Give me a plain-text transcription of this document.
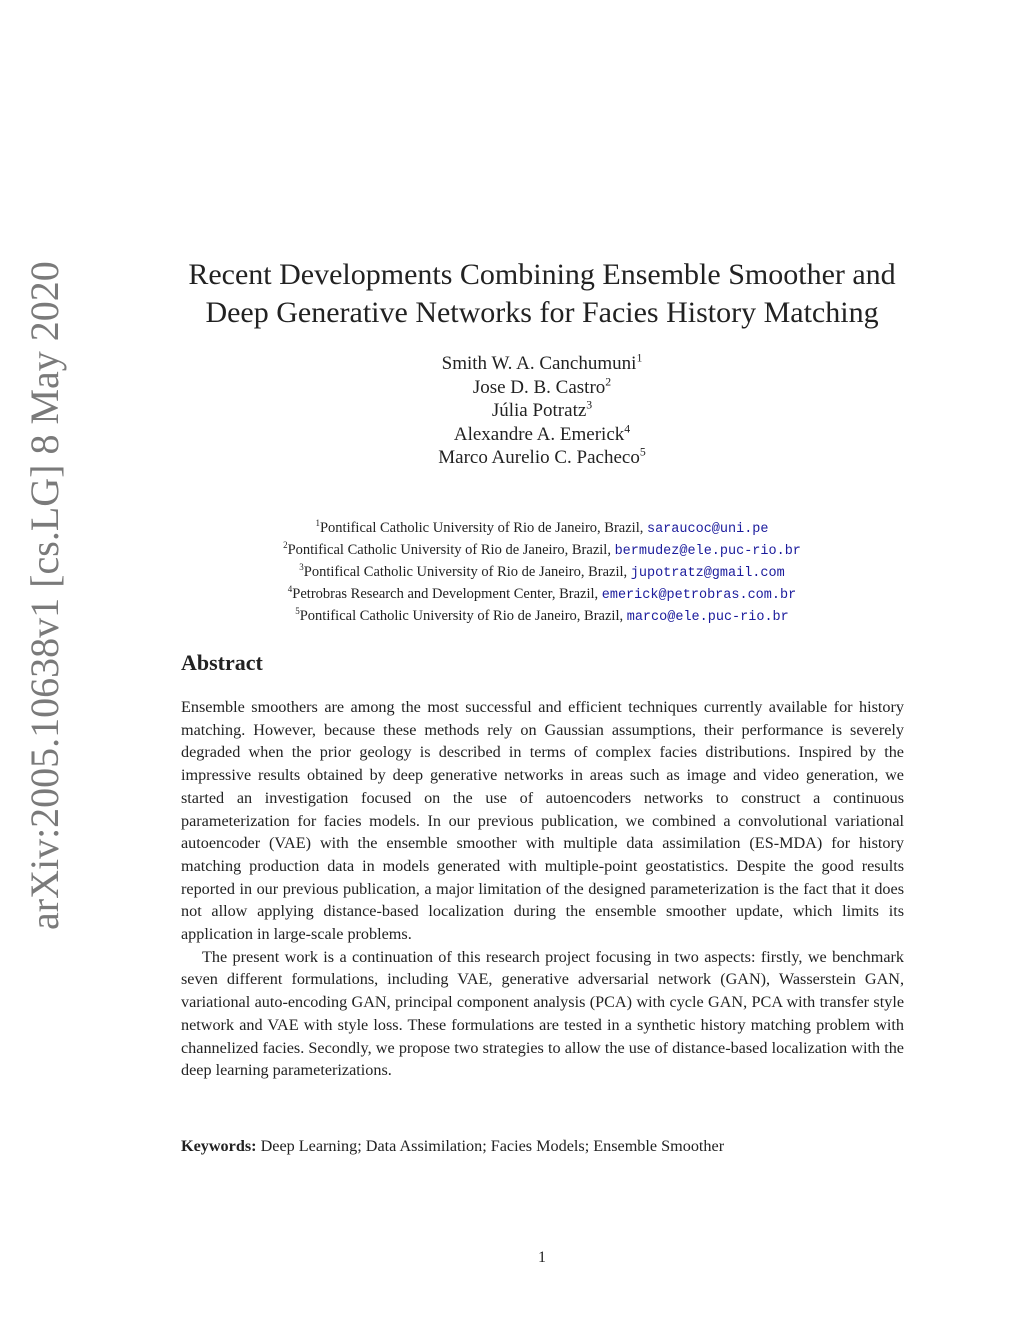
arXiv:2005.10638v1 [cs.LG] 8 May 2020	Recent Developments Combining Ensemble Smoother and
Deep Generative Networks for Facies History Matching
Smith W. A. Canchumuni$^1$
Jose D. B. Castro$^2$
Júlia Potratz$^3$
Alexandre A. Emerick$^4$
Marco Aurelio C. Pacheco$^5$
$^1$Pontifical Catholic University of Rio de Janeiro, Brazil, saraucoc@uni.pe
$^2$Pontifical Catholic University of Rio de Janeiro, Brazil, bermudez@ele.puc-rio.br
$^3$Pontifical Catholic University of Rio de Janeiro, Brazil, jupotratz@gmail.com
$^4$Petrobras Research and Development Center, Brazil, emerick@petrobras.com.br
$^5$Pontifical Catholic University of Rio de Janeiro, Brazil, marco@ele.puc-rio.br
Abstract

Ensemble smoothers are among the most successful and efficient techniques currently available for history matching. However, because these methods rely on Gaussian assumptions, their performance is severely degraded when the prior geology is described in terms of complex facies distributions. Inspired by the impressive results obtained by deep generative networks in areas such as image and video generation, we started an investigation focused on the use of autoencoders networks to construct a continuous parameterization for facies models. In our previous publication, we combined a convolutional variational autoencoder (VAE) with the ensemble smoother with multiple data assimilation (ES-MDA) for history matching production data in models generated with multiple-point geostatistics. Despite the good results reported in our previous publication, a major limitation of the designed parameterization is the fact that it does not allow applying distance-based localization during the ensemble smoother update, which limits its application in large-scale problems.

The present work is a continuation of this research project focusing in two aspects: firstly, we benchmark seven different formulations, including VAE, generative adversarial network (GAN), Wasserstein GAN, variational auto-encoding GAN, principal component analysis (PCA) with cycle GAN, PCA with transfer style network and VAE with style loss. These formulations are tested in a synthetic history matching problem with channelized facies. Secondly, we propose two strategies to allow the use of distance-based localization with the deep learning parameterizations.

Keywords: Deep Learning; Data Assimilation; Facies Models; Ensemble Smoother
1
